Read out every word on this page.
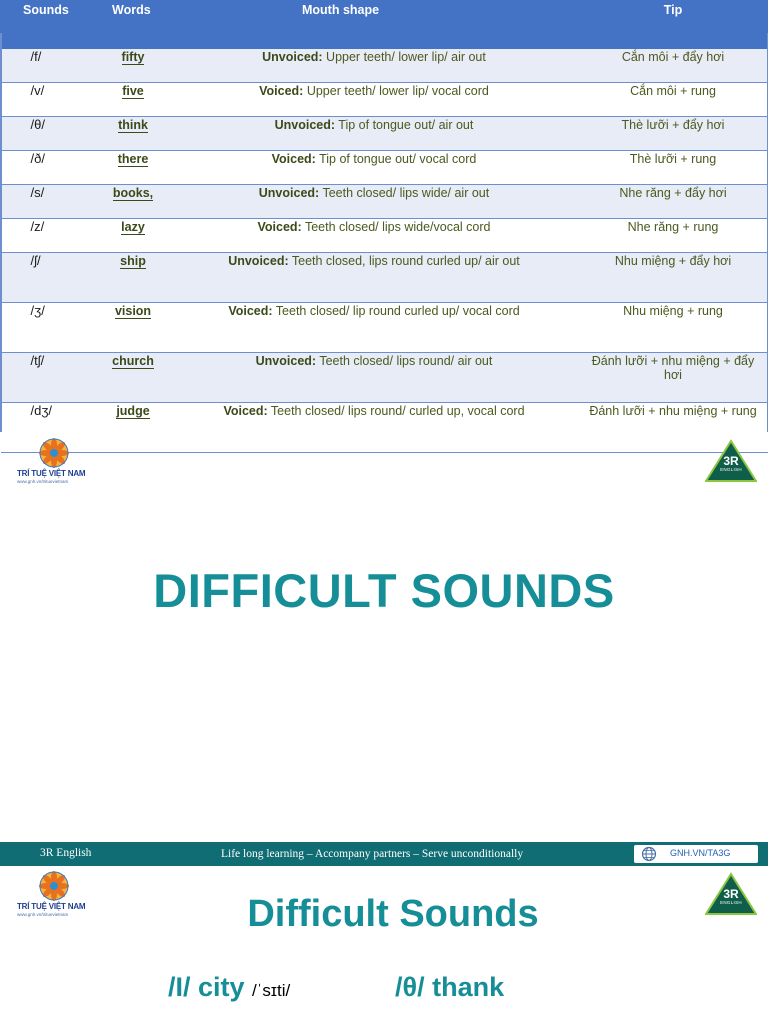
Sounds	Words	Mouth shape	Tip
/f/	fifty	Unvoiced: Upper teeth/ lower lip/ air out	Cắn môi + đẩy hơi
/v/	five	Voiced: Upper teeth/ lower lip/ vocal cord	Cắn môi + rung
/θ/	think	Unvoiced: Tip of tongue out/ air out	Thè lưỡi + đẩy hơi
/ð/	there	Voiced: Tip of tongue out/ vocal cord	Thè lưỡi + rung
/s/	books,	Unvoiced: Teeth closed/ lips wide/ air out	Nhe răng + đẩy hơi
/z/	lazy	Voiced: Teeth closed/ lips wide/vocal cord	Nhe răng + rung
/ʃ/	ship	Unvoiced: Teeth closed, lips round curled up/ air out	Nhu miệng + đẩy hơi
/ʒ/	vision	Voiced: Teeth closed/ lip round curled up/ vocal cord	Nhu miệng + rung
/tʃ/	church	Unvoiced: Teeth closed/ lips round/ air out	Đánh lưỡi + nhu miệng + đẩy hơi
/dʒ/	judge	Voiced: Teeth closed/ lips round/ curled up, vocal cord	Đánh lưỡi + nhu miệng + rung
TRÍ TUỆ VIỆT NAM
www.gnh.vn/trituevietnam
3R
ENGLISH
DIFFICULT SOUNDS
3R English	Life long learning – Accompany partners – Serve unconditionally	GNH.VN/TA3G
TRÍ TUỆ VIỆT NAM
www.gnh.vn/trituevietnam
3R
ENGLISH
Difficult Sounds
/I/ city /ˈsɪti/	/θ/ thank
